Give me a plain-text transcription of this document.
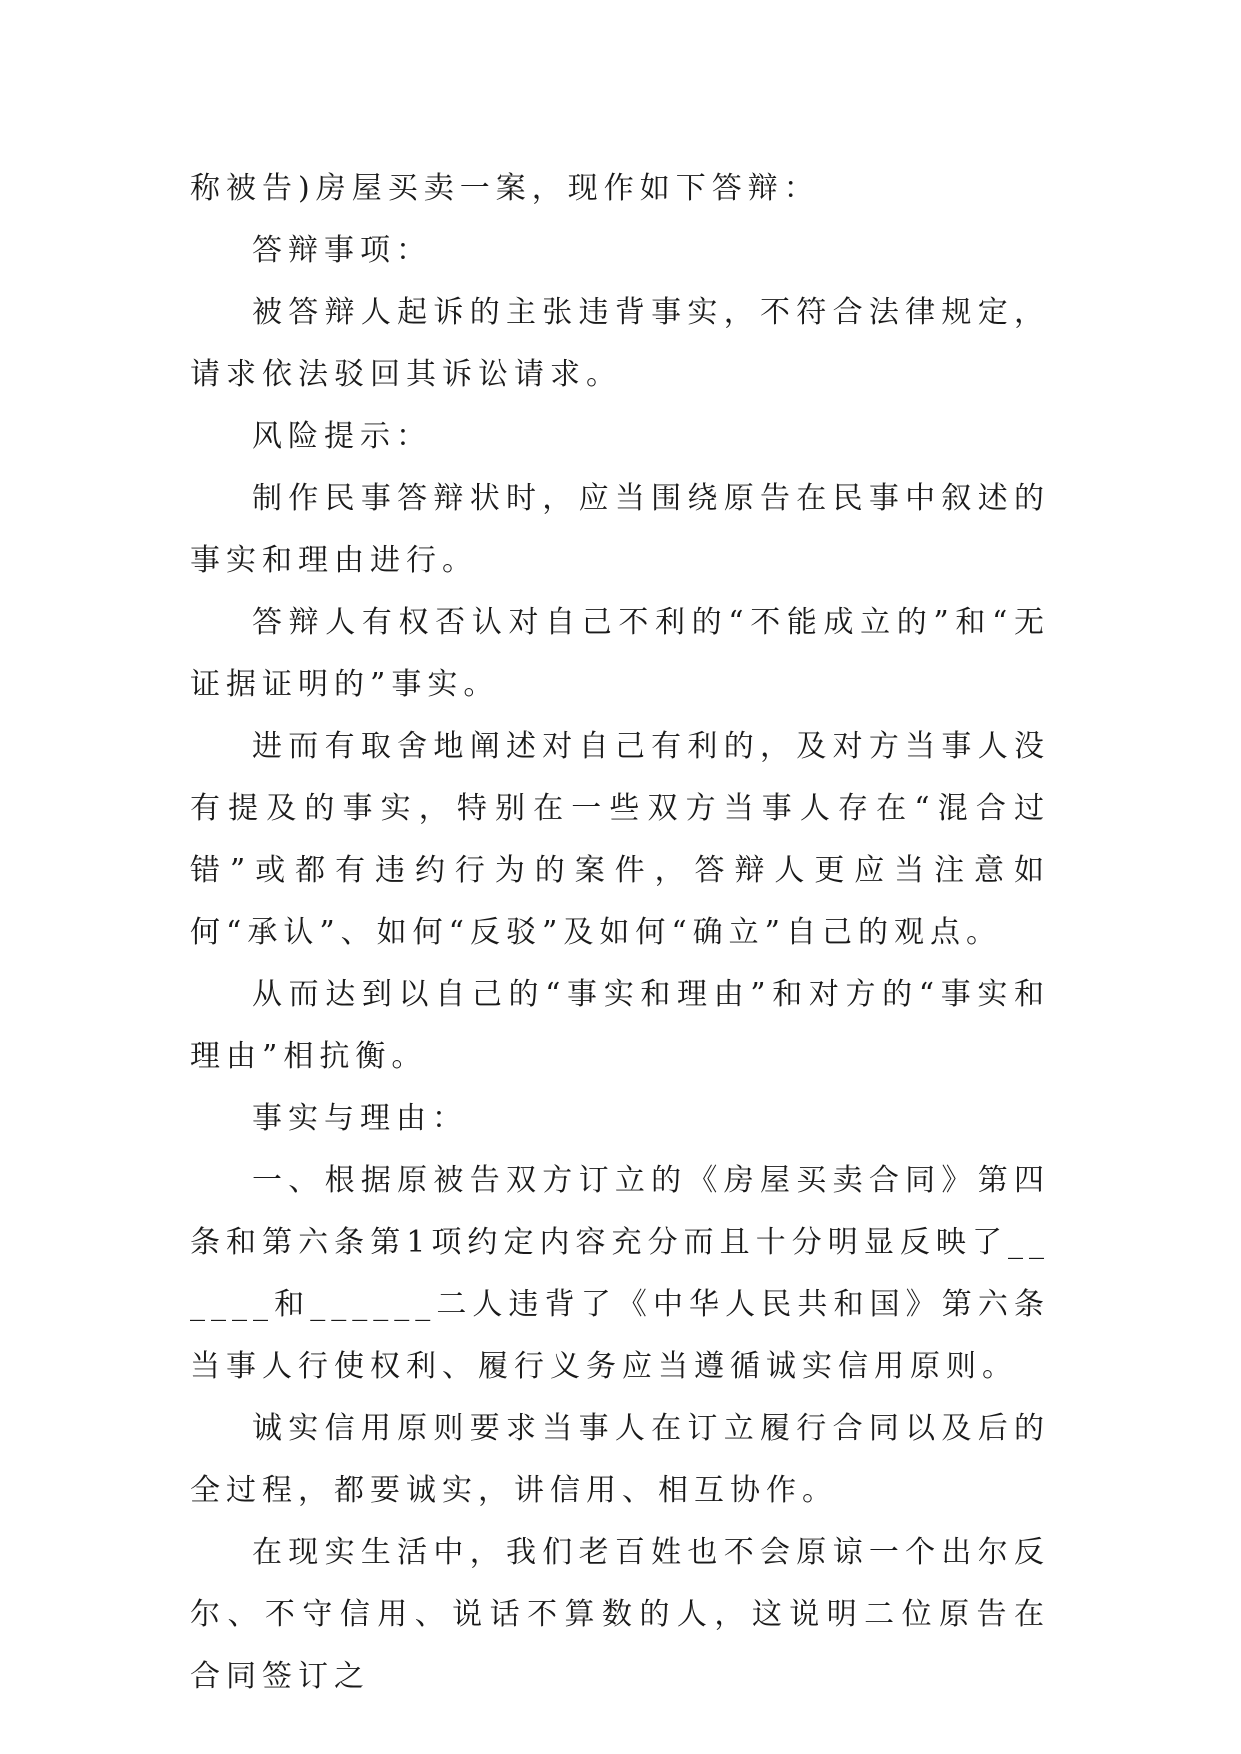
称被告)房屋买卖一案，现作如下答辩：

答辩事项：

被答辩人起诉的主张违背事实，不符合法律规定，请求依法驳回其诉讼请求。

风险提示：

制作民事答辩状时，应当围绕原告在民事中叙述的事实和理由进行。

答辩人有权否认对自己不利的“不能成立的”和“无证据证明的”事实。

进而有取舍地阐述对自己有利的，及对方当事人没有提及的事实，特别在一些双方当事人存在“混合过错”或都有违约行为的案件，答辩人更应当注意如何“承认”、如何“反驳”及如何“确立”自己的观点。

从而达到以自己的“事实和理由”和对方的“事实和理由”相抗衡。

事实与理由：

一、根据原被告双方订立的《房屋买卖合同》第四条和第六条第1项约定内容充分而且十分明显反映了______和______二人违背了《中华人民共和国》第六条当事人行使权利、履行义务应当遵循诚实信用原则。

诚实信用原则要求当事人在订立履行合同以及后的全过程，都要诚实，讲信用、相互协作。

在现实生活中，我们老百姓也不会原谅一个出尔反尔、不守信用、说话不算数的人，这说明二位原告在合同签订之
